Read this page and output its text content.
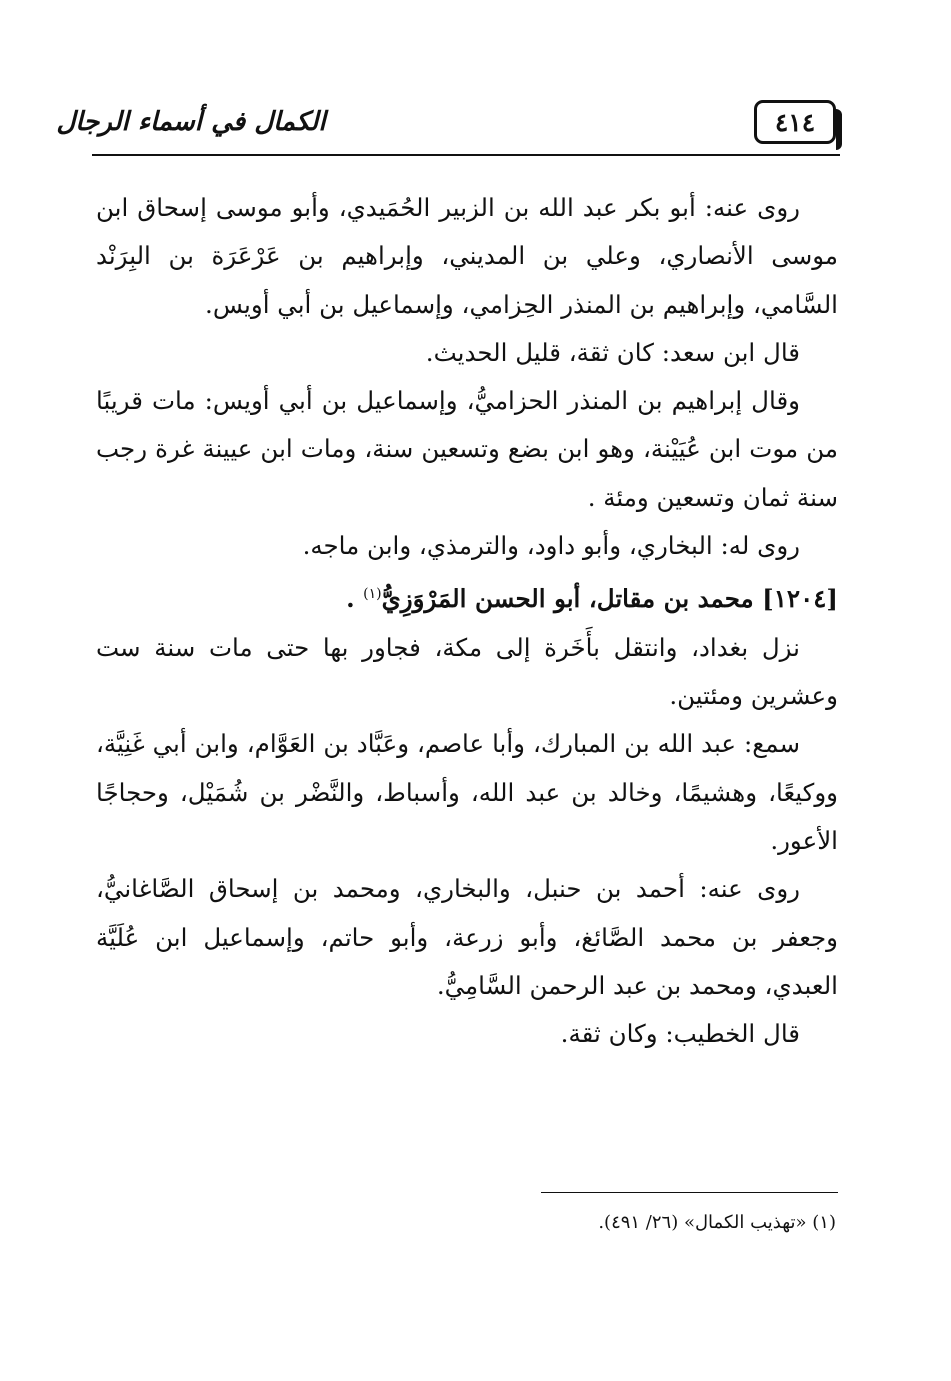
الكمال في أسماء الرجال	٤١٤

روى عنه: أبو بكر عبد الله بن الزبير الحُمَيدي، وأبو موسى إسحاق ابن موسى الأنصاري، وعلي بن المديني، وإبراهيم بن عَرْعَرَة بن البِرَنْد السَّامي، وإبراهيم بن المنذر الحِزامي، وإسماعيل بن أبي أويس.

قال ابن سعد: كان ثقة، قليل الحديث.

وقال إبراهيم بن المنذر الحزاميُّ، وإسماعيل بن أبي أويس: مات قريبًا من موت ابن عُيَيْنة، وهو ابن بضع وتسعين سنة، ومات ابن عيينة غرة رجب سنة ثمان وتسعين ومئة .

روى له: البخاري، وأبو داود، والترمذي، وابن ماجه.

[١٢٠٤] محمد بن مقاتل، أبو الحسن المَرْوَزِيُّ$^{(١)}$ .

نزل بغداد، وانتقل بأَخَرة إلى مكة، فجاور بها حتى مات سنة ست وعشرين ومئتين.

سمع: عبد الله بن المبارك، وأبا عاصم، وعَبَّاد بن العَوَّام، وابن أبي غَنِيَّة، ووكيعًا، وهشيمًا، وخالد بن عبد الله، وأسباط، والنَّضْر بن شُمَيْل، وحجاجًا الأعور.

روى عنه: أحمد بن حنبل، والبخاري، ومحمد بن إسحاق الصَّاغانيُّ، وجعفر بن محمد الصَّائغ، وأبو زرعة، وأبو حاتم، وإسماعيل ابن عُلَيَّة العبدي، ومحمد بن عبد الرحمن السَّامِيُّ.

قال الخطيب: وكان ثقة.

(١) «تهذيب الكمال» (٢٦/ ٤٩١).
